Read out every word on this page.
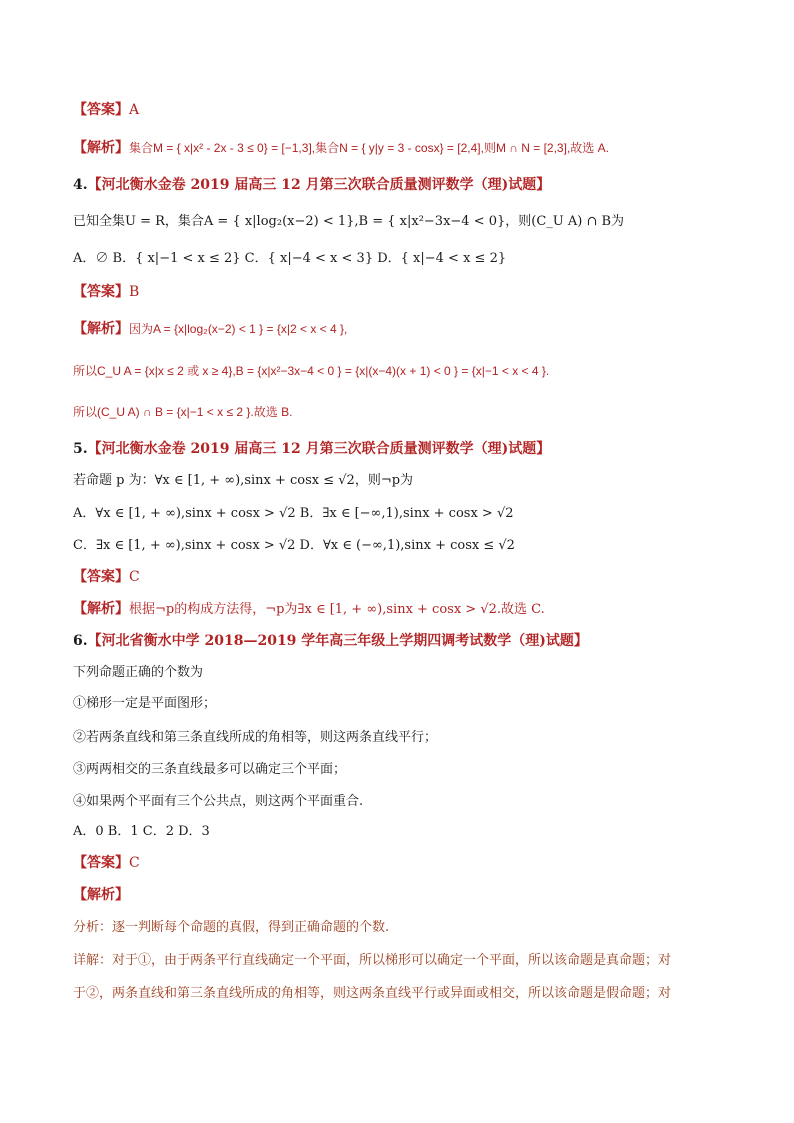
【答案】A
【解析】集合M = { x|x² - 2x - 3 ≤ 0} = [−1,3],集合N = { y|y = 3 - cosx} = [2,4],则M ∩ N = [2,3],故选 A.
4.【河北衡水金卷 2019 届高三 12 月第三次联合质量测评数学（理)试题】
已知全集U = R，集合A = { x|log₂(x−2) < 1},B = { x|x²−3x−4 < 0}，则(C_U A) ∩ B为
A．∅ B．{ x|−1 < x ≤ 2} C．{ x|−4 < x < 3} D．{ x|−4 < x ≤ 2}
【答案】B
【解析】因为A = {x|log₂(x−2) < 1 } = {x|2 < x < 4 },
所以C_U A = {x|x ≤ 2 或 x ≥ 4},B = {x|x²−3x−4 < 0 } = {x|(x−4)(x + 1) < 0 } = {x|−1 < x < 4 }.
所以(C_U A) ∩ B = {x|−1 < x ≤ 2 }.故选 B.
5.【河北衡水金卷 2019 届高三 12 月第三次联合质量测评数学（理)试题】
若命题 p 为：∀x ∈ [1, + ∞),sinx + cosx ≤ √2，则¬p为
A．∀x ∈ [1, + ∞),sinx + cosx > √2 B．∃x ∈ [−∞,1),sinx + cosx > √2
C．∃x ∈ [1, + ∞),sinx + cosx > √2 D．∀x ∈ (−∞,1),sinx + cosx ≤ √2
【答案】C
【解析】根据¬p的构成方法得，¬p为∃x ∈ [1, + ∞),sinx + cosx > √2.故选 C.
6.【河北省衡水中学 2018—2019 学年高三年级上学期四调考试数学（理)试题】
下列命题正确的个数为
①梯形一定是平面图形；
②若两条直线和第三条直线所成的角相等，则这两条直线平行；
③两两相交的三条直线最多可以确定三个平面；
④如果两个平面有三个公共点，则这两个平面重合.
A．0 B．1 C．2 D．3
【答案】C
【解析】
分析：逐一判断每个命题的真假，得到正确命题的个数.
详解：对于①，由于两条平行直线确定一个平面，所以梯形可以确定一个平面，所以该命题是真命题；对
于②，两条直线和第三条直线所成的角相等，则这两条直线平行或异面或相交，所以该命题是假命题；对
